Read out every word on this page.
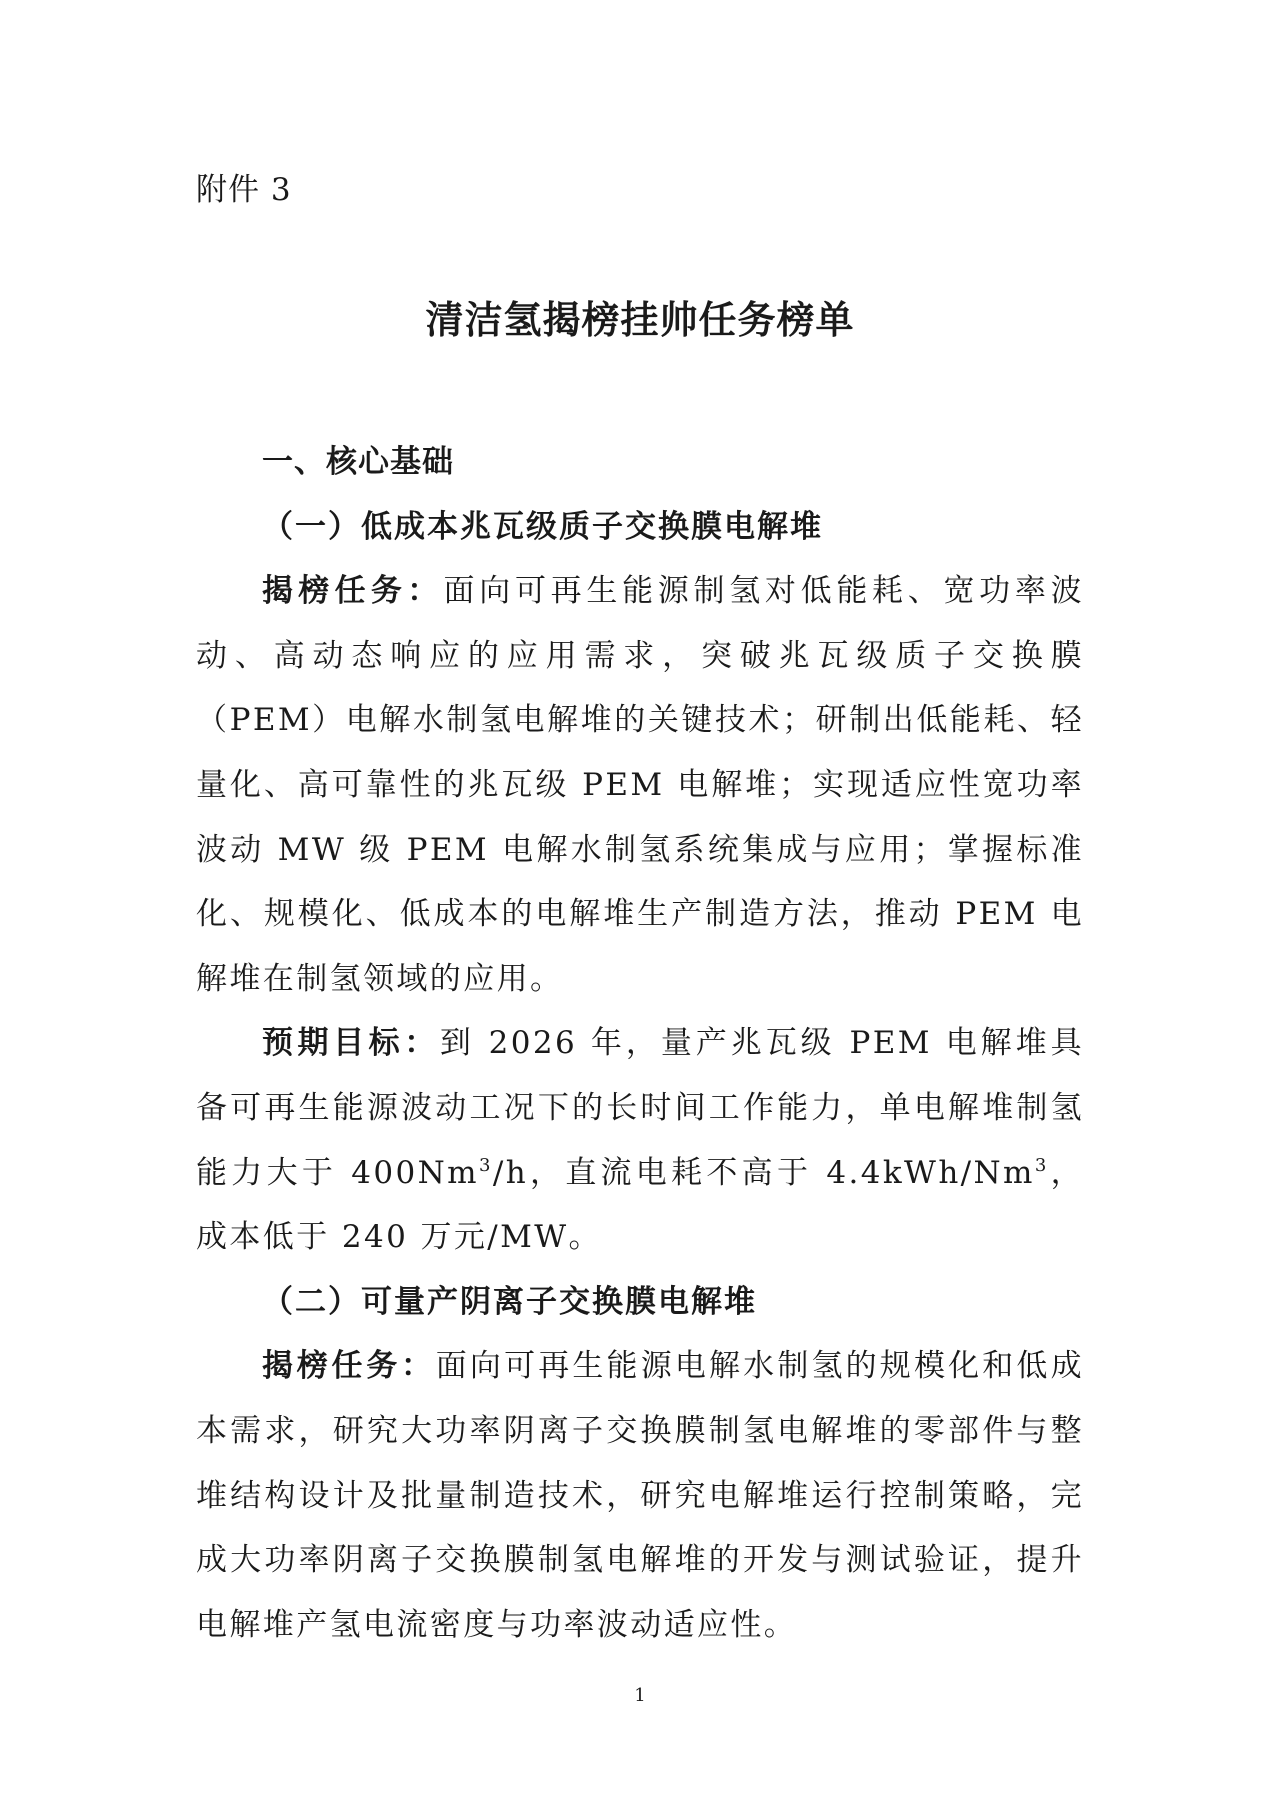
附件 3
清洁氢揭榜挂帅任务榜单

一、核心基础

（一）低成本兆瓦级质子交换膜电解堆

揭榜任务：面向可再生能源制氢对低能耗、宽功率波动、高动态响应的应用需求，突破兆瓦级质子交换膜（PEM）电解水制氢电解堆的关键技术；研制出低能耗、轻量化、高可靠性的兆瓦级 PEM 电解堆；实现适应性宽功率波动 MW 级 PEM 电解水制氢系统集成与应用；掌握标准化、规模化、低成本的电解堆生产制造方法，推动 PEM 电解堆在制氢领域的应用。

预期目标：到 2026 年，量产兆瓦级 PEM 电解堆具备可再生能源波动工况下的长时间工作能力，单电解堆制氢能力大于 400Nm$^3$/h，直流电耗不高于 4.4kWh/Nm$^3$，成本低于 240 万元/MW。

（二）可量产阴离子交换膜电解堆

揭榜任务：面向可再生能源电解水制氢的规模化和低成本需求，研究大功率阴离子交换膜制氢电解堆的零部件与整堆结构设计及批量制造技术，研究电解堆运行控制策略，完成大功率阴离子交换膜制氢电解堆的开发与测试验证，提升电解堆产氢电流密度与功率波动适应性。

1
